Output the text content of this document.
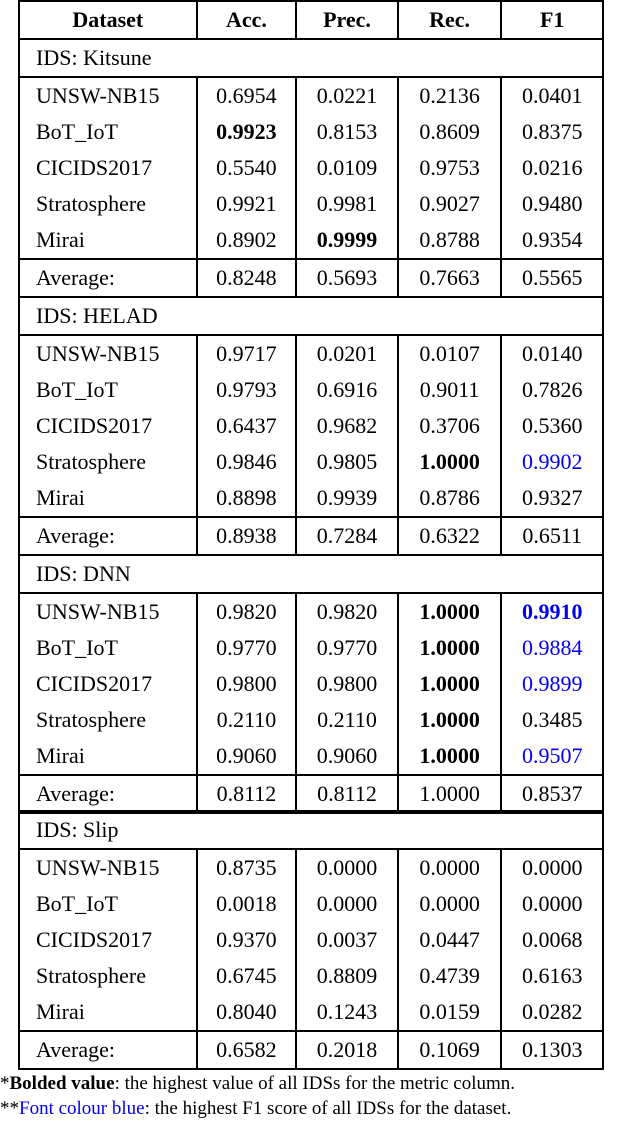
Dataset	Acc.	Prec.	Rec.	F1
IDS: Kitsune				
UNSW-NB15	0.6954	0.0221	0.2136	0.0401
BoT_IoT	0.9923	0.8153	0.8609	0.8375
CICIDS2017	0.5540	0.0109	0.9753	0.0216
Stratosphere	0.9921	0.9981	0.9027	0.9480
Mirai	0.8902	0.9999	0.8788	0.9354
Average:	0.8248	0.5693	0.7663	0.5565
IDS: HELAD				
UNSW-NB15	0.9717	0.0201	0.0107	0.0140
BoT_IoT	0.9793	0.6916	0.9011	0.7826
CICIDS2017	0.6437	0.9682	0.3706	0.5360
Stratosphere	0.9846	0.9805	1.0000	0.9902
Mirai	0.8898	0.9939	0.8786	0.9327
Average:	0.8938	0.7284	0.6322	0.6511
IDS: DNN				
UNSW-NB15	0.9820	0.9820	1.0000	0.9910
BoT_IoT	0.9770	0.9770	1.0000	0.9884
CICIDS2017	0.9800	0.9800	1.0000	0.9899
Stratosphere	0.2110	0.2110	1.0000	0.3485
Mirai	0.9060	0.9060	1.0000	0.9507
Average:	0.8112	0.8112	1.0000	0.8537
IDS: Slip				
UNSW-NB15	0.8735	0.0000	0.0000	0.0000
BoT_IoT	0.0018	0.0000	0.0000	0.0000
CICIDS2017	0.9370	0.0037	0.0447	0.0068
Stratosphere	0.6745	0.8809	0.4739	0.6163
Mirai	0.8040	0.1243	0.0159	0.0282
Average:	0.6582	0.2018	0.1069	0.1303
*Bolded value: the highest value of all IDSs for the metric column.
**Font colour blue: the highest F1 score of all IDSs for the dataset.
